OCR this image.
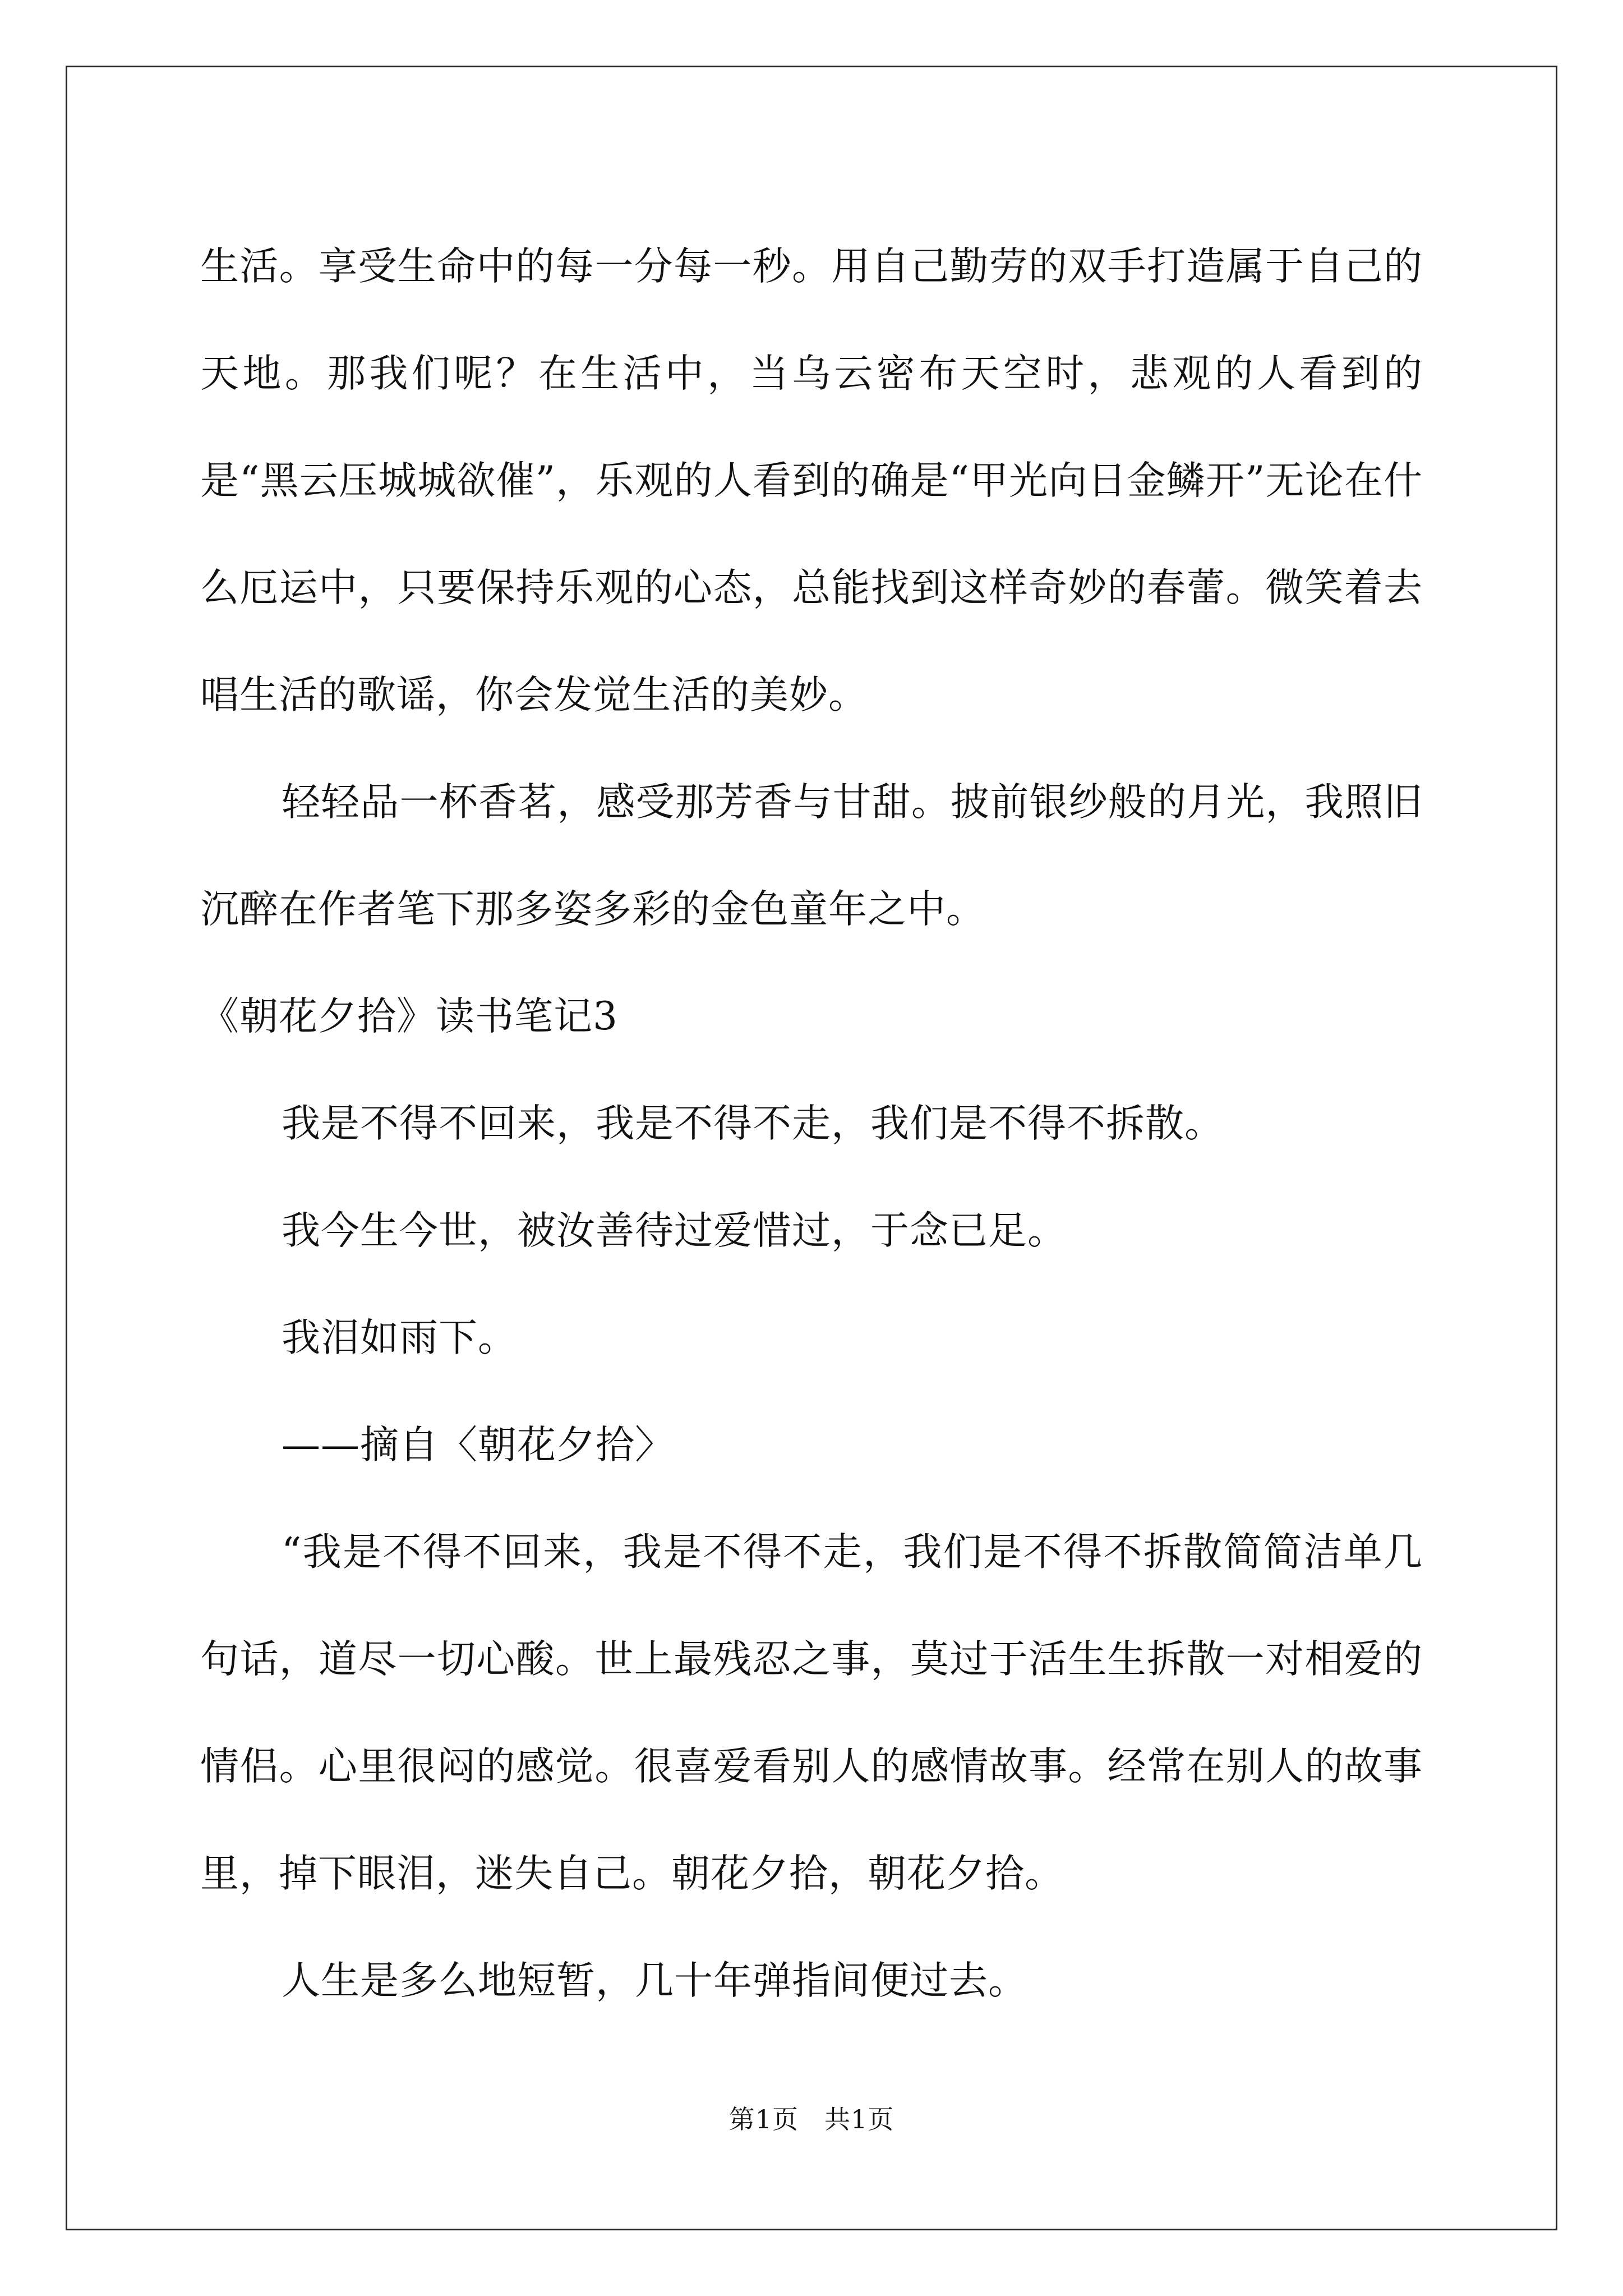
生活。享受生命中的每一分每一秒。用自己勤劳的双手打造属于自己的天地。那我们呢？在生活中，当乌云密布天空时，悲观的人看到的是“黑云压城城欲催”，乐观的人看到的确是“甲光向日金鳞开”无论在什么厄运中，只要保持乐观的心态，总能找到这样奇妙的春蕾。微笑着去唱生活的歌谣，你会发觉生活的美妙。

轻轻品一杯香茗，感受那芳香与甘甜。披前银纱般的月光，我照旧沉醉在作者笔下那多姿多彩的金色童年之中。

《朝花夕拾》读书笔记3

我是不得不回来，我是不得不走，我们是不得不拆散。

我今生今世，被汝善待过爱惜过，于念已足。

我泪如雨下。

——摘自〈朝花夕拾〉

“我是不得不回来，我是不得不走，我们是不得不拆散简简洁单几句话，道尽一切心酸。世上最残忍之事，莫过于活生生拆散一对相爱的情侣。心里很闷的感觉。很喜爱看别人的感情故事。经常在别人的故事里，掉下眼泪，迷失自己。朝花夕拾，朝花夕拾。

人生是多么地短暂，几十年弹指间便过去。

第1页 共1页
